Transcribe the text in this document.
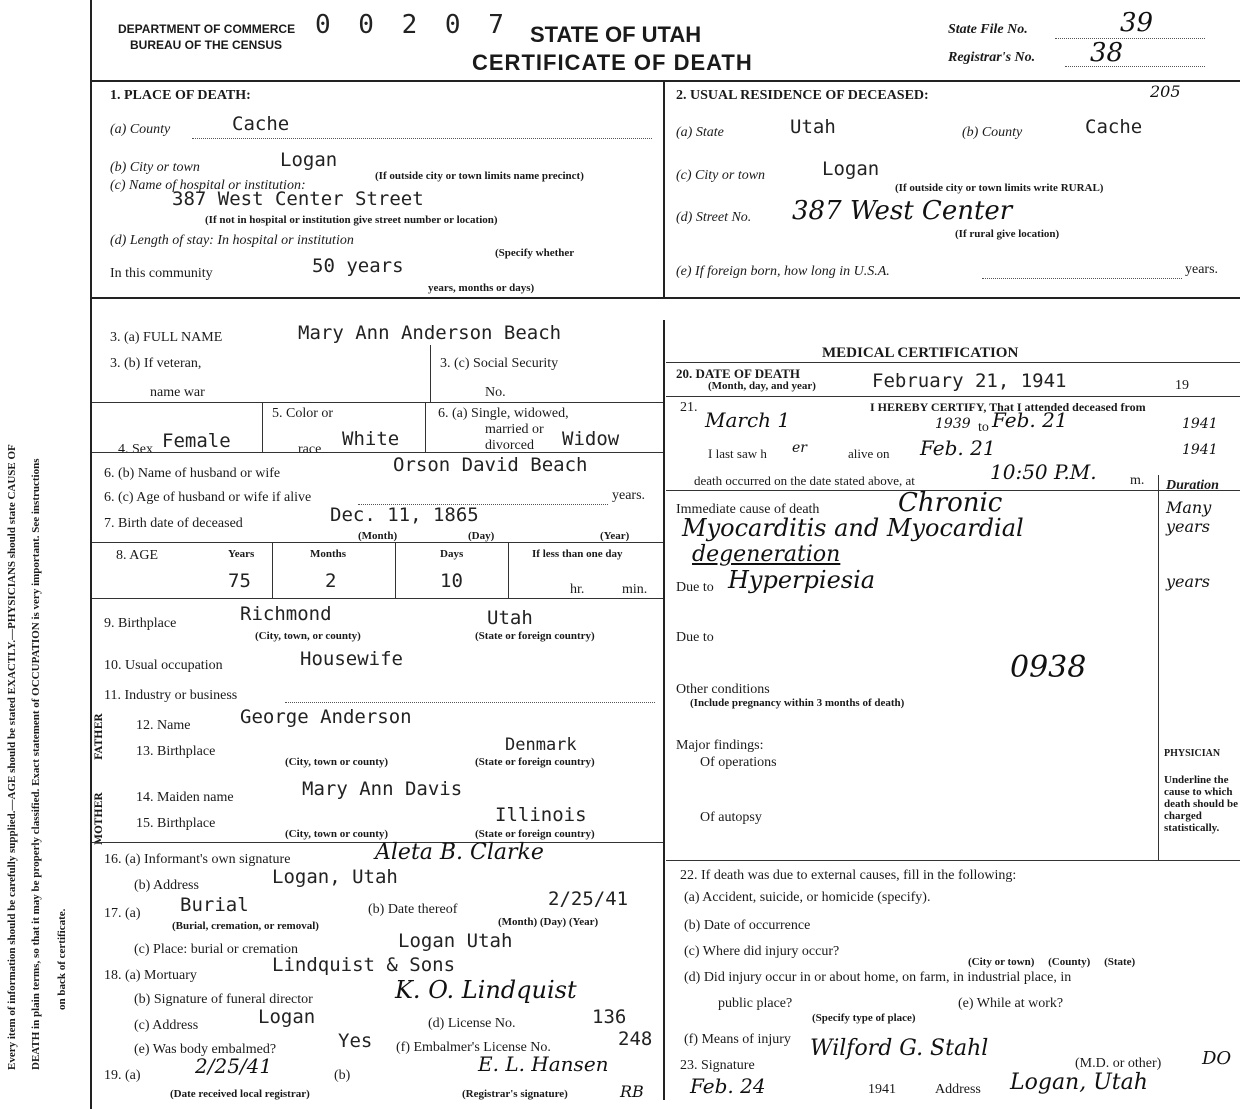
Every item of information should be carefully supplied.—AGE should be stated EXACTLY.—PHYSICIANS should state CAUSE OF DEATH in plain terms, so that it may be properly classified. Exact statement of OCCUPATION is very important. See instructions on back of certificate.
DEPARTMENT OF COMMERCE
BUREAU OF THE CENSUS
0 0 2 0 7 STATE OF UTAH
CERTIFICATE OF DEATH
State File No.	39
Registrar's No. 38
1. PLACE OF DEATH:
(a) County	Cache
(b) City or town	Logan
(If outside city or town limits name precinct)
(c) Name of hospital or institution:
387 West Center Street
(If not in hospital or institution give street number or location)
(d) Length of stay: In hospital or institution
(Specify whether
In this community	50 years
years, months or days)
2. USUAL RESIDENCE OF DECEASED:	205
(a) State	Utah	(b) County	Cache
(c) City or town	Logan
(If outside city or town limits write RURAL)
(d) Street No. 387 West Center
(If rural give location)
(e) If foreign born, how long in U.S.A.	years.
3. (a) FULL NAME	Mary Ann Anderson Beach
3. (b) If veteran,
name war
3. (c) Social Security
No.
4. Sex Female
5. Color or
race White
6. (a) Single, widowed,
married or
divorced Widow
6. (b) Name of husband or wife	Orson David Beach
6. (c) Age of husband or wife if alive	years.
7. Birth date of deceased	Dec. 11, 1865
(Month)	(Day)	(Year)
8. AGE	Years	Months	Days	If less than one day
75	2	10	hr.	min.
9. Birthplace	Richmond	Utah
(City, town, or county)	(State or foreign country)
10. Usual occupation	Housewife
11. Industry or business
FATHER
MOTHER
12. Name	George Anderson
13. Birthplace	Denmark
(City, town or county)	(State or foreign country)
14. Maiden name	Mary Ann Davis
15. Birthplace	Illinois
(City, town or county)	(State or foreign country)
16. (a) Informant's own signature	Aleta B. Clarke
(b) Address	Logan, Utah
17. (a) Burial
(Burial, cremation, or removal)
(b) Date thereof	2/25/41
(Month) (Day) (Year)
(c) Place: burial or cremation	Logan Utah
18. (a) Mortuary	Lindquist & Sons
(b) Signature of funeral director	K. O. Lindquist
(c) Address	Logan	(d) License No.	136
(e) Was body embalmed?	Yes (f) Embalmer's License No.	248
19. (a)	2/25/41
(Date received local registrar)
(b)	E. L. Hansen
(Registrar's signature)	RB
MEDICAL CERTIFICATION
20. DATE OF DEATH
(Month, day, and year)	February 21, 1941	19
21.	I HEREBY CERTIFY, That I attended deceased from
March 1	1939 to Feb. 21	1941
I last saw h er	alive on Feb. 21	1941
death occurred on the date stated above, at	10:50 P.M. m. Duration
Many years
years
Immediate cause of death	Chronic
Myocarditis and Myocardial
degeneration
Due to Hyperpiesia
Due to
0938
Other conditions
(Include pregnancy within 3 months of death)
Major findings:
Of operations
Of autopsy
PHYSICIAN
Underline the cause to which death should be charged statistically.
22. If death was due to external causes, fill in the following:
(a) Accident, suicide, or homicide (specify).
(b) Date of occurrence
(c) Where did injury occur?
(City or town)     (County)     (State)
(d) Did injury occur in or about home, on farm, in industrial place, in
public place?
(Specify type of place)
(e) While at work?
(f) Means of injury
23. Signature
Wilford G. Stahl
(M.D. or other) DO
Feb. 24	1941	Address Logan, Utah
